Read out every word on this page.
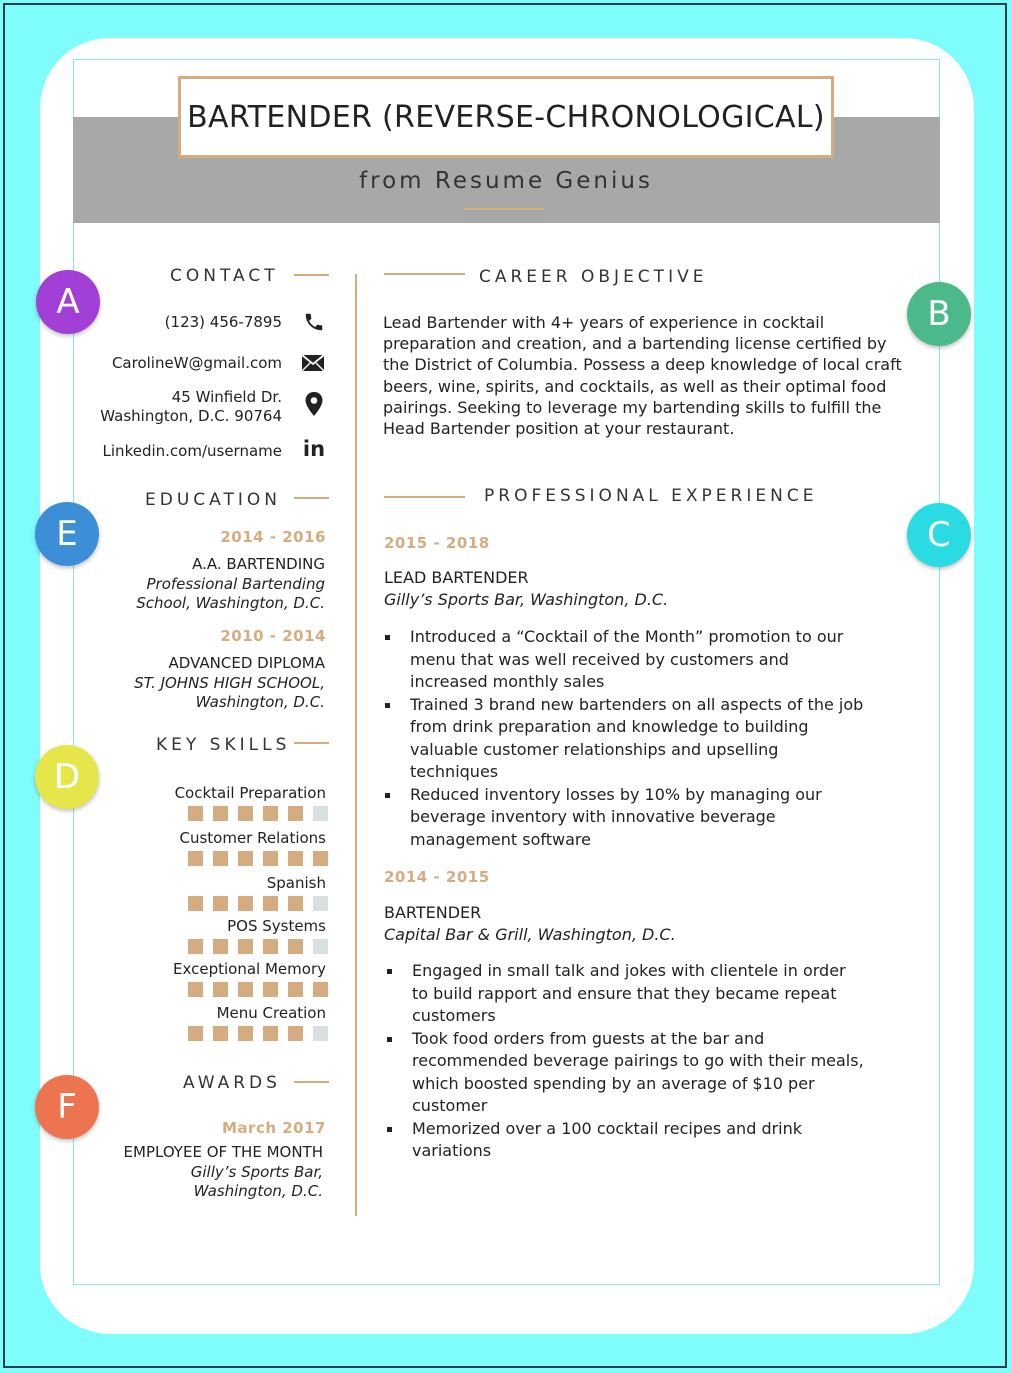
BARTENDER (REVERSE-CHRONOLOGICAL)
from Resume Genius
CONTACT
(123) 456-7895
CarolineW@gmail.com
45 Winfield Dr.
Washington, D.C. 90764
Linkedin.com/username in
EDUCATION
2014 - 2016
A.A. BARTENDING
Professional Bartending
School, Washington, D.C.
2010 - 2014
ADVANCED DIPLOMA
ST. JOHNS HIGH SCHOOL,
Washington, D.C.
KEY SKILLS
Cocktail Preparation
Customer Relations
Spanish
POS Systems
Exceptional Memory
Menu Creation
AWARDS
March 2017
EMPLOYEE OF THE MONTH
Gilly’s Sports Bar,
Washington, D.C.
CAREER OBJECTIVE
Lead Bartender with 4+ years of experience in cocktail preparation and creation, and a bartending license certified by the District of Columbia. Possess a deep knowledge of local craft beers, wine, spirits, and cocktails, as well as their optimal food pairings. Seeking to leverage my bartending skills to fulfill the Head Bartender position at your restaurant.
PROFESSIONAL EXPERIENCE
2015 - 2018
LEAD BARTENDER
Gilly’s Sports Bar, Washington, D.C.
Introduced a “Cocktail of the Month” promotion to our menu that was well received by customers and increased monthly sales
Trained 3 brand new bartenders on all aspects of the job from drink preparation and knowledge to building valuable customer relationships and upselling techniques
Reduced inventory losses by 10% by managing our beverage inventory with innovative beverage management software
2014 - 2015
BARTENDER
Capital Bar & Grill, Washington, D.C.
Engaged in small talk and jokes with clientele in order to build rapport and ensure that they became repeat customers
Took food orders from guests at the bar and recommended beverage pairings to go with their meals, which boosted spending by an average of $10 per customer
Memorized over a 100 cocktail recipes and drink variations
A	B
E	C
D
F
